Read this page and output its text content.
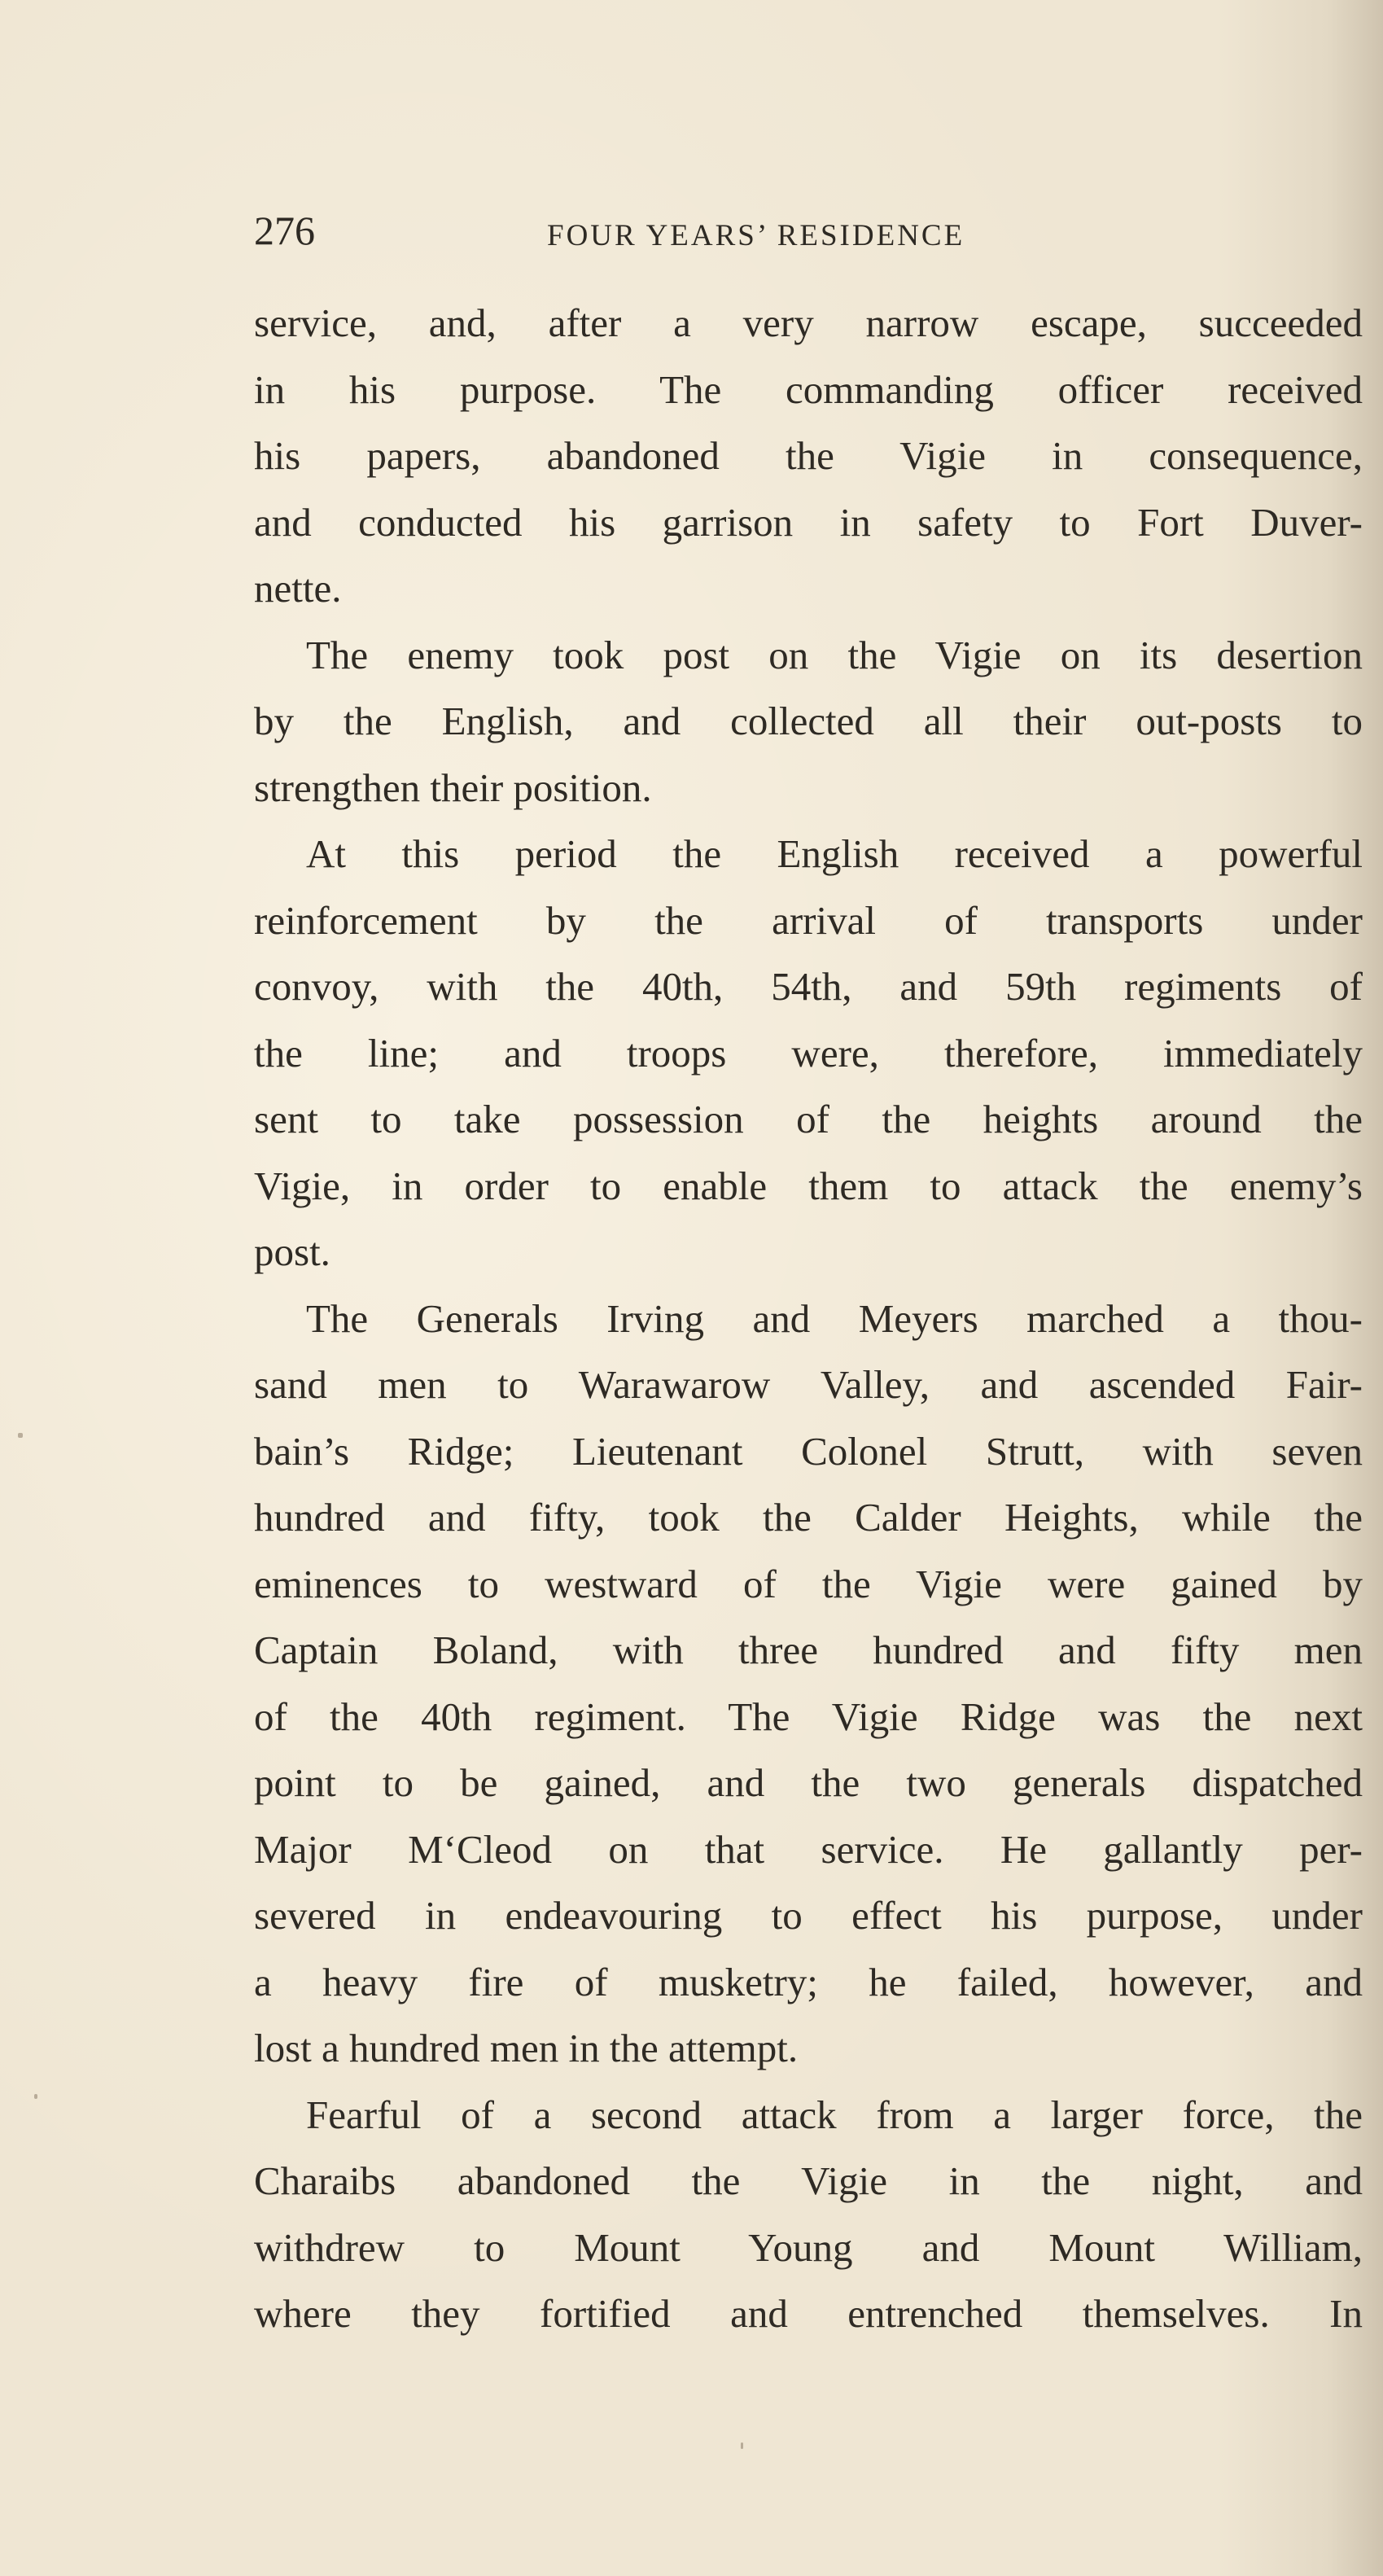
276	FOUR YEARS’ RESIDENCE
service, and, after a very narrow escape, succeeded
in his purpose. The commanding officer received
his papers, abandoned the Vigie in consequence,
and conducted his garrison in safety to Fort Duver-
nette.
The enemy took post on the Vigie on its desertion
by the English, and collected all their out-posts to
strengthen their position.
At this period the English received a powerful
reinforcement by the arrival of transports under
convoy, with the 40th, 54th, and 59th regiments of
the line; and troops were, therefore, immediately
sent to take possession of the heights around the
Vigie, in order to enable them to attack the enemy’s
post.
The Generals Irving and Meyers marched a thou-
sand men to Warawarow Valley, and ascended Fair-
bain’s Ridge; Lieutenant Colonel Strutt, with seven
hundred and fifty, took the Calder Heights, while the
eminences to westward of the Vigie were gained by
Captain Boland, with three hundred and fifty men
of the 40th regiment. The Vigie Ridge was the next
point to be gained, and the two generals dispatched
Major M‘Cleod on that service. He gallantly per-
severed in endeavouring to effect his purpose, under
a heavy fire of musketry; he failed, however, and
lost a hundred men in the attempt.
Fearful of a second attack from a larger force, the
Charaibs abandoned the Vigie in the night, and
withdrew to Mount Young and Mount William,
where they fortified and entrenched themselves. In
